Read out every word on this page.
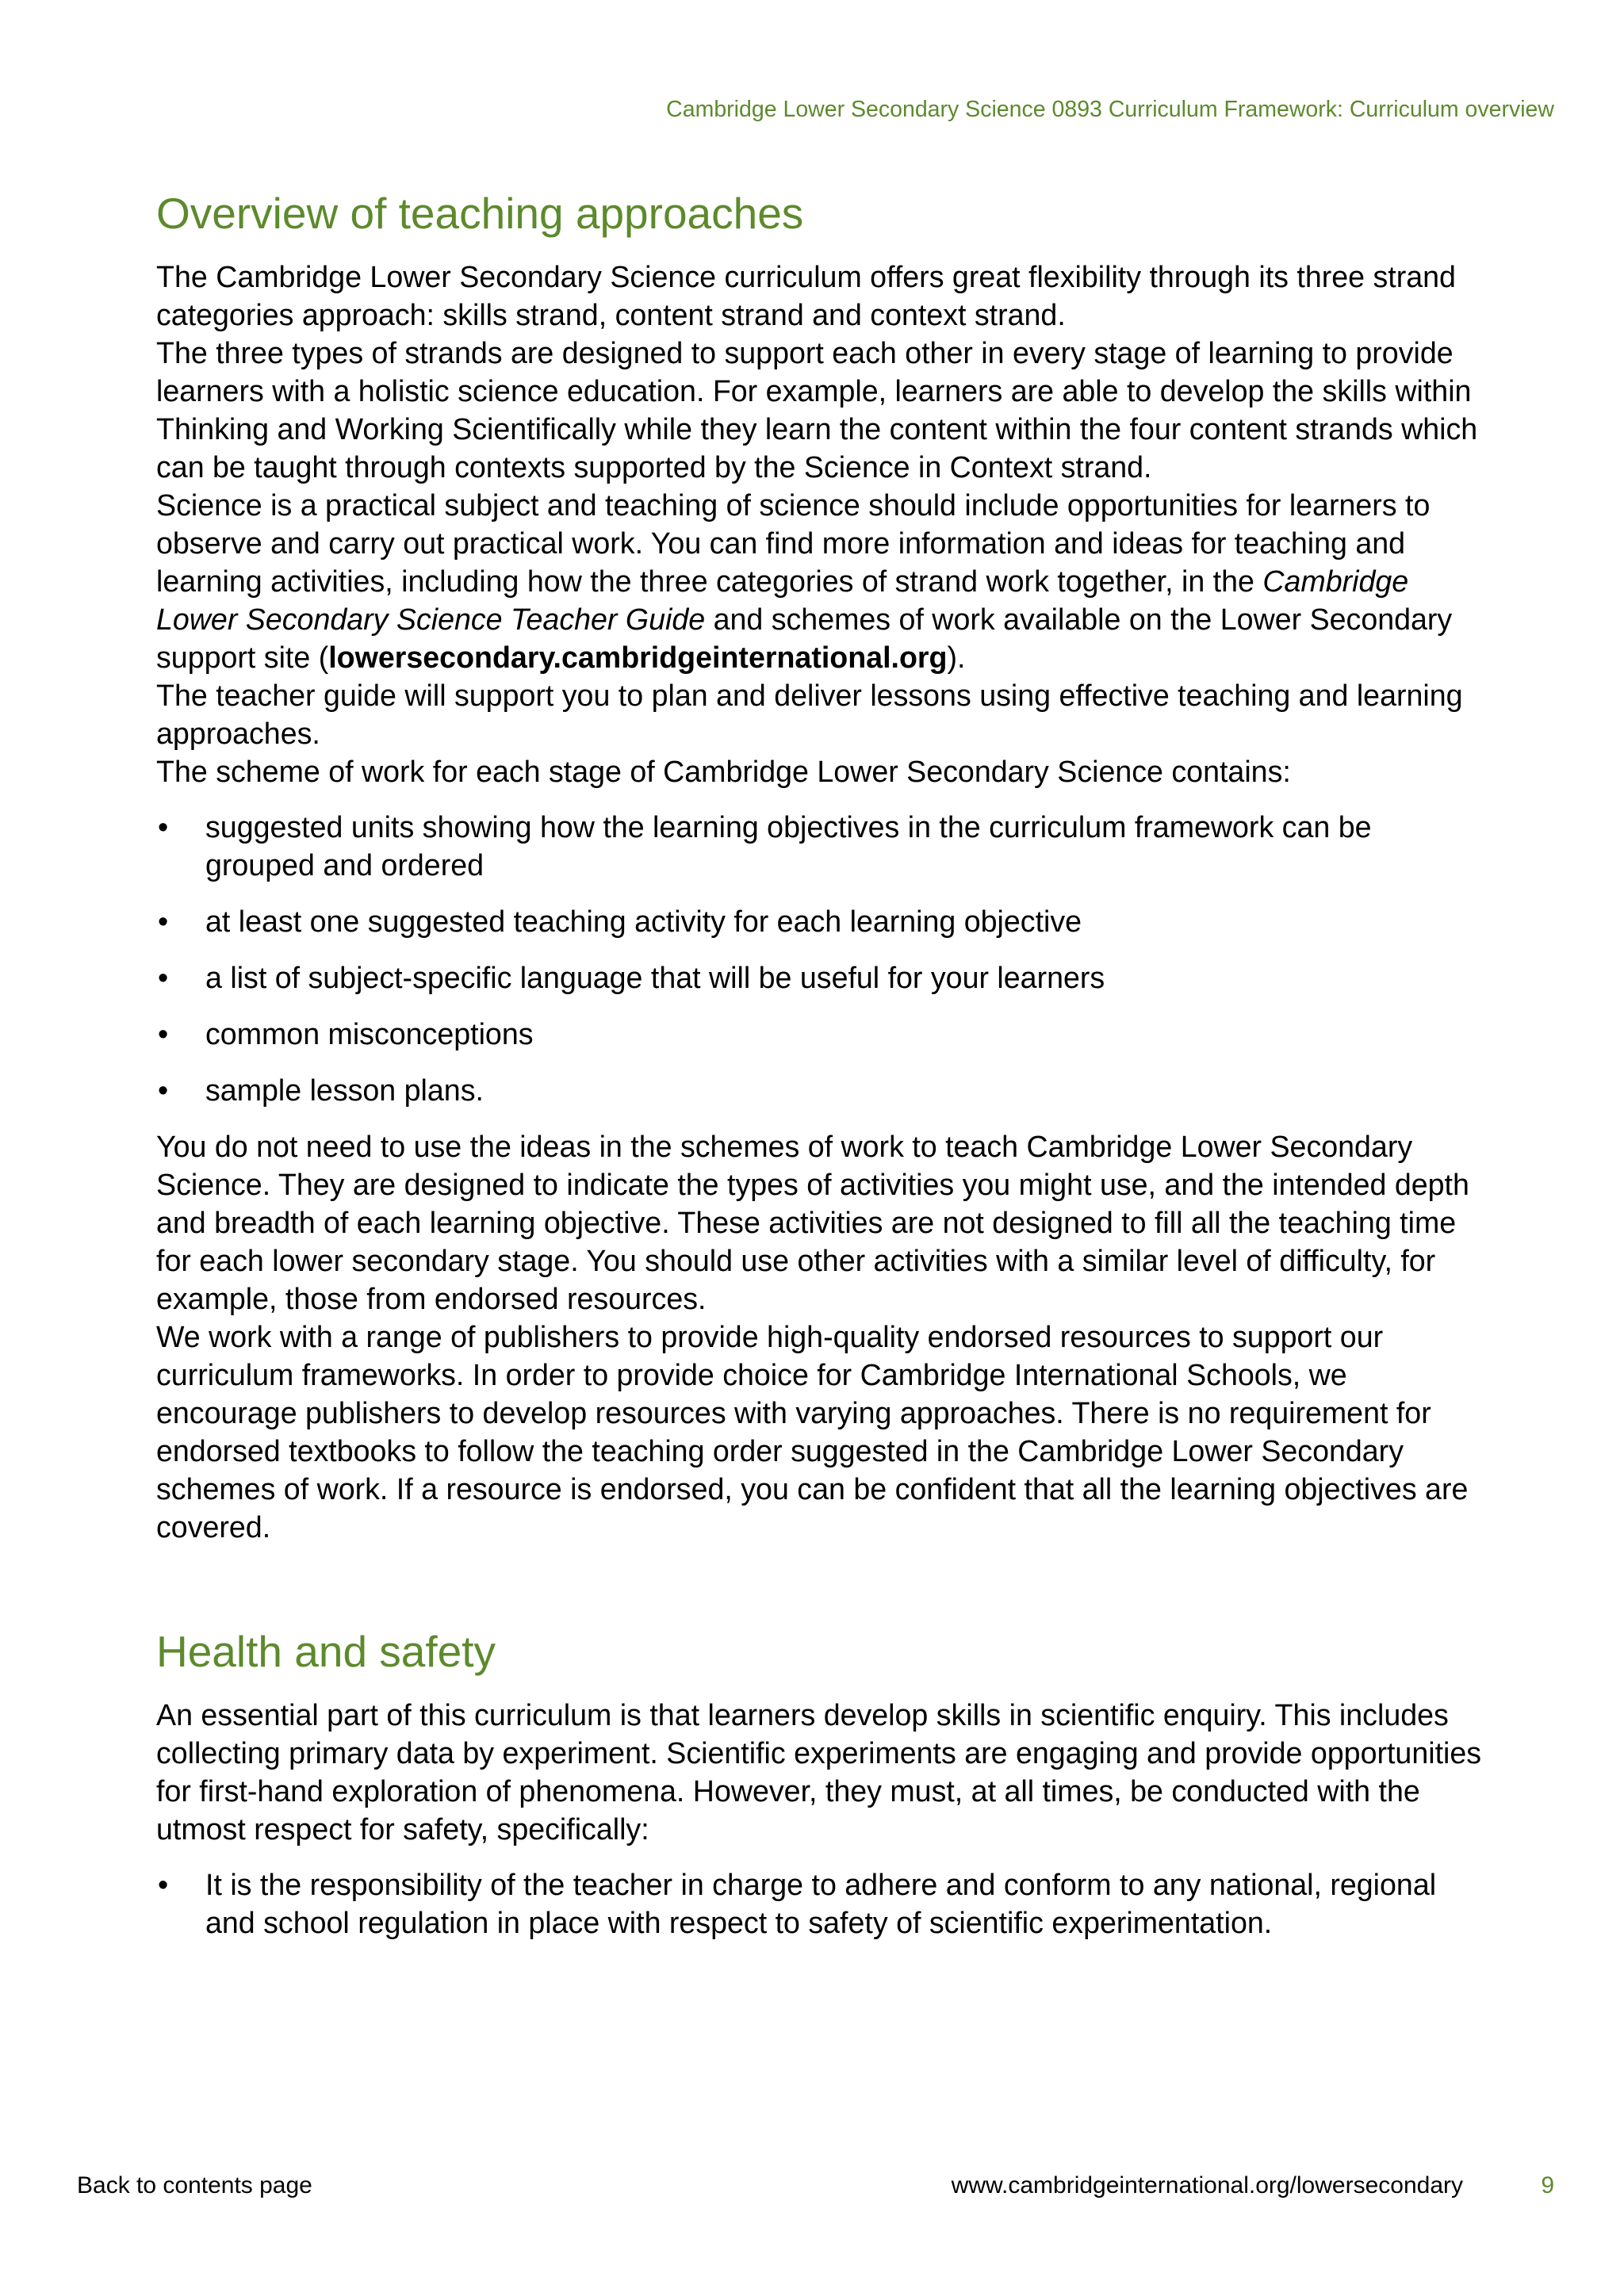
Cambridge Lower Secondary Science 0893 Curriculum Framework: Curriculum overview
Overview of teaching approaches

The Cambridge Lower Secondary Science curriculum offers great flexibility through its three strand categories approach: skills strand, content strand and context strand.

The three types of strands are designed to support each other in every stage of learning to provide learners with a holistic science education. For example, learners are able to develop the skills within Thinking and Working Scientifically while they learn the content within the four content strands which can be taught through contexts supported by the Science in Context strand.

Science is a practical subject and teaching of science should include opportunities for learners to observe and carry out practical work. You can find more information and ideas for teaching and learning activities, including how the three categories of strand work together, in the Cambridge Lower Secondary Science Teacher Guide and schemes of work available on the Lower Secondary support site (lowersecondary.cambridgeinternational.org).

The teacher guide will support you to plan and deliver lessons using effective teaching and learning approaches.

The scheme of work for each stage of Cambridge Lower Secondary Science contains:

• suggested units showing how the learning objectives in the curriculum framework can be grouped and ordered
• at least one suggested teaching activity for each learning objective
• a list of subject-specific language that will be useful for your learners
• common misconceptions
• sample lesson plans.

You do not need to use the ideas in the schemes of work to teach Cambridge Lower Secondary Science. They are designed to indicate the types of activities you might use, and the intended depth and breadth of each learning objective. These activities are not designed to fill all the teaching time for each lower secondary stage. You should use other activities with a similar level of difficulty, for example, those from endorsed resources.

We work with a range of publishers to provide high-quality endorsed resources to support our curriculum frameworks. In order to provide choice for Cambridge International Schools, we encourage publishers to develop resources with varying approaches. There is no requirement for endorsed textbooks to follow the teaching order suggested in the Cambridge Lower Secondary schemes of work. If a resource is endorsed, you can be confident that all the learning objectives are covered.

Health and safety

An essential part of this curriculum is that learners develop skills in scientific enquiry. This includes collecting primary data by experiment. Scientific experiments are engaging and provide opportunities for first-hand exploration of phenomena. However, they must, at all times, be conducted with the utmost respect for safety, specifically:

• It is the responsibility of the teacher in charge to adhere and conform to any national, regional and school regulation in place with respect to safety of scientific experimentation.
Back to contents page	www.cambridgeinternational.org/lowersecondary	9
